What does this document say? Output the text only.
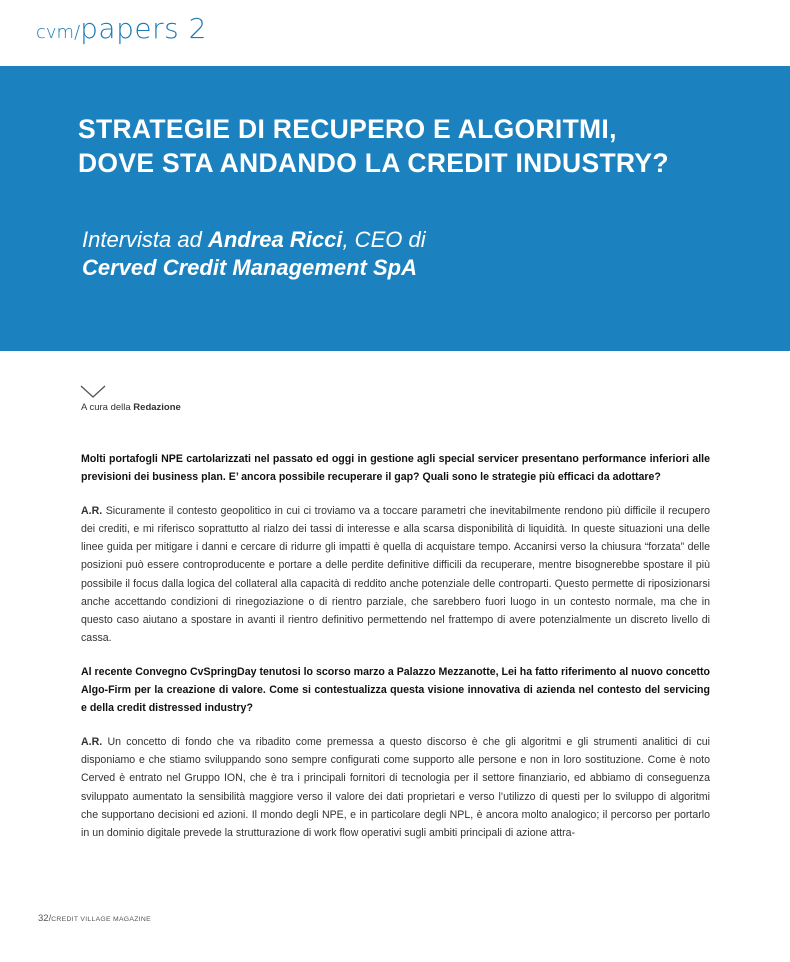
cvm/papers 2
STRATEGIE DI RECUPERO E ALGORITMI,
DOVE STA ANDANDO LA CREDIT INDUSTRY?

Intervista ad Andrea Ricci, CEO di
Cerved Credit Management SpA

A cura della Redazione

Molti portafogli NPE cartolarizzati nel passato ed oggi in gestione agli special servicer presentano performance inferiori alle previsioni dei business plan. E’ ancora possibile recuperare il gap? Quali sono le strategie più efficaci da adottare?

A.R. Sicuramente il contesto geopolitico in cui ci troviamo va a toccare parametri che inevitabilmente rendono più difficile il recupero dei crediti, e mi riferisco soprattutto al rialzo dei tassi di interesse e alla scarsa disponibilità di liquidità. In queste situazioni una delle linee guida per mitigare i danni e cercare di ridurre gli impatti è quella di acquistare tempo. Accanirsi verso la chiusura “forzata” delle posizioni può essere controproducente e portare a delle perdite definitive difficili da recuperare, mentre bisognerebbe spostare il più possibile il focus dalla logica del collateral alla capacità di reddito anche potenziale delle controparti. Questo permette di riposizionarsi anche accettando condizioni di rinegoziazione o di rientro parziale, che sarebbero fuori luogo in un contesto normale, ma che in questo caso aiutano a spostare in avanti il rientro definitivo permettendo nel frattempo di avere potenzialmente un discreto livello di cassa.

Al recente Convegno CvSpringDay tenutosi lo scorso marzo a Palazzo Mezzanotte, Lei ha fatto riferimento al nuovo concetto Algo-Firm per la creazione di valore. Come si contestualizza questa visione innovativa di azienda nel contesto del servicing e della credit distressed industry?

A.R. Un concetto di fondo che va ribadito come premessa a questo discorso è che gli algoritmi e gli strumenti analitici di cui disponiamo e che stiamo sviluppando sono sempre configurati come supporto alle persone e non in loro sostituzione. Come è noto Cerved è entrato nel Gruppo ION, che è tra i principali fornitori di tecnologia per il settore finanziario, ed abbiamo di conseguenza sviluppato aumentato la sensibilità maggiore verso il valore dei dati proprietari e verso l’utilizzo di questi per lo sviluppo di algoritmi che supportano decisioni ed azioni. Il mondo degli NPE, e in particolare degli NPL, è ancora molto analogico; il percorso per portarlo in un dominio digitale prevede la strutturazione di work flow operativi sugli ambiti principali di azione attra-

32/CREDIT VILLAGE MAGAZINE
